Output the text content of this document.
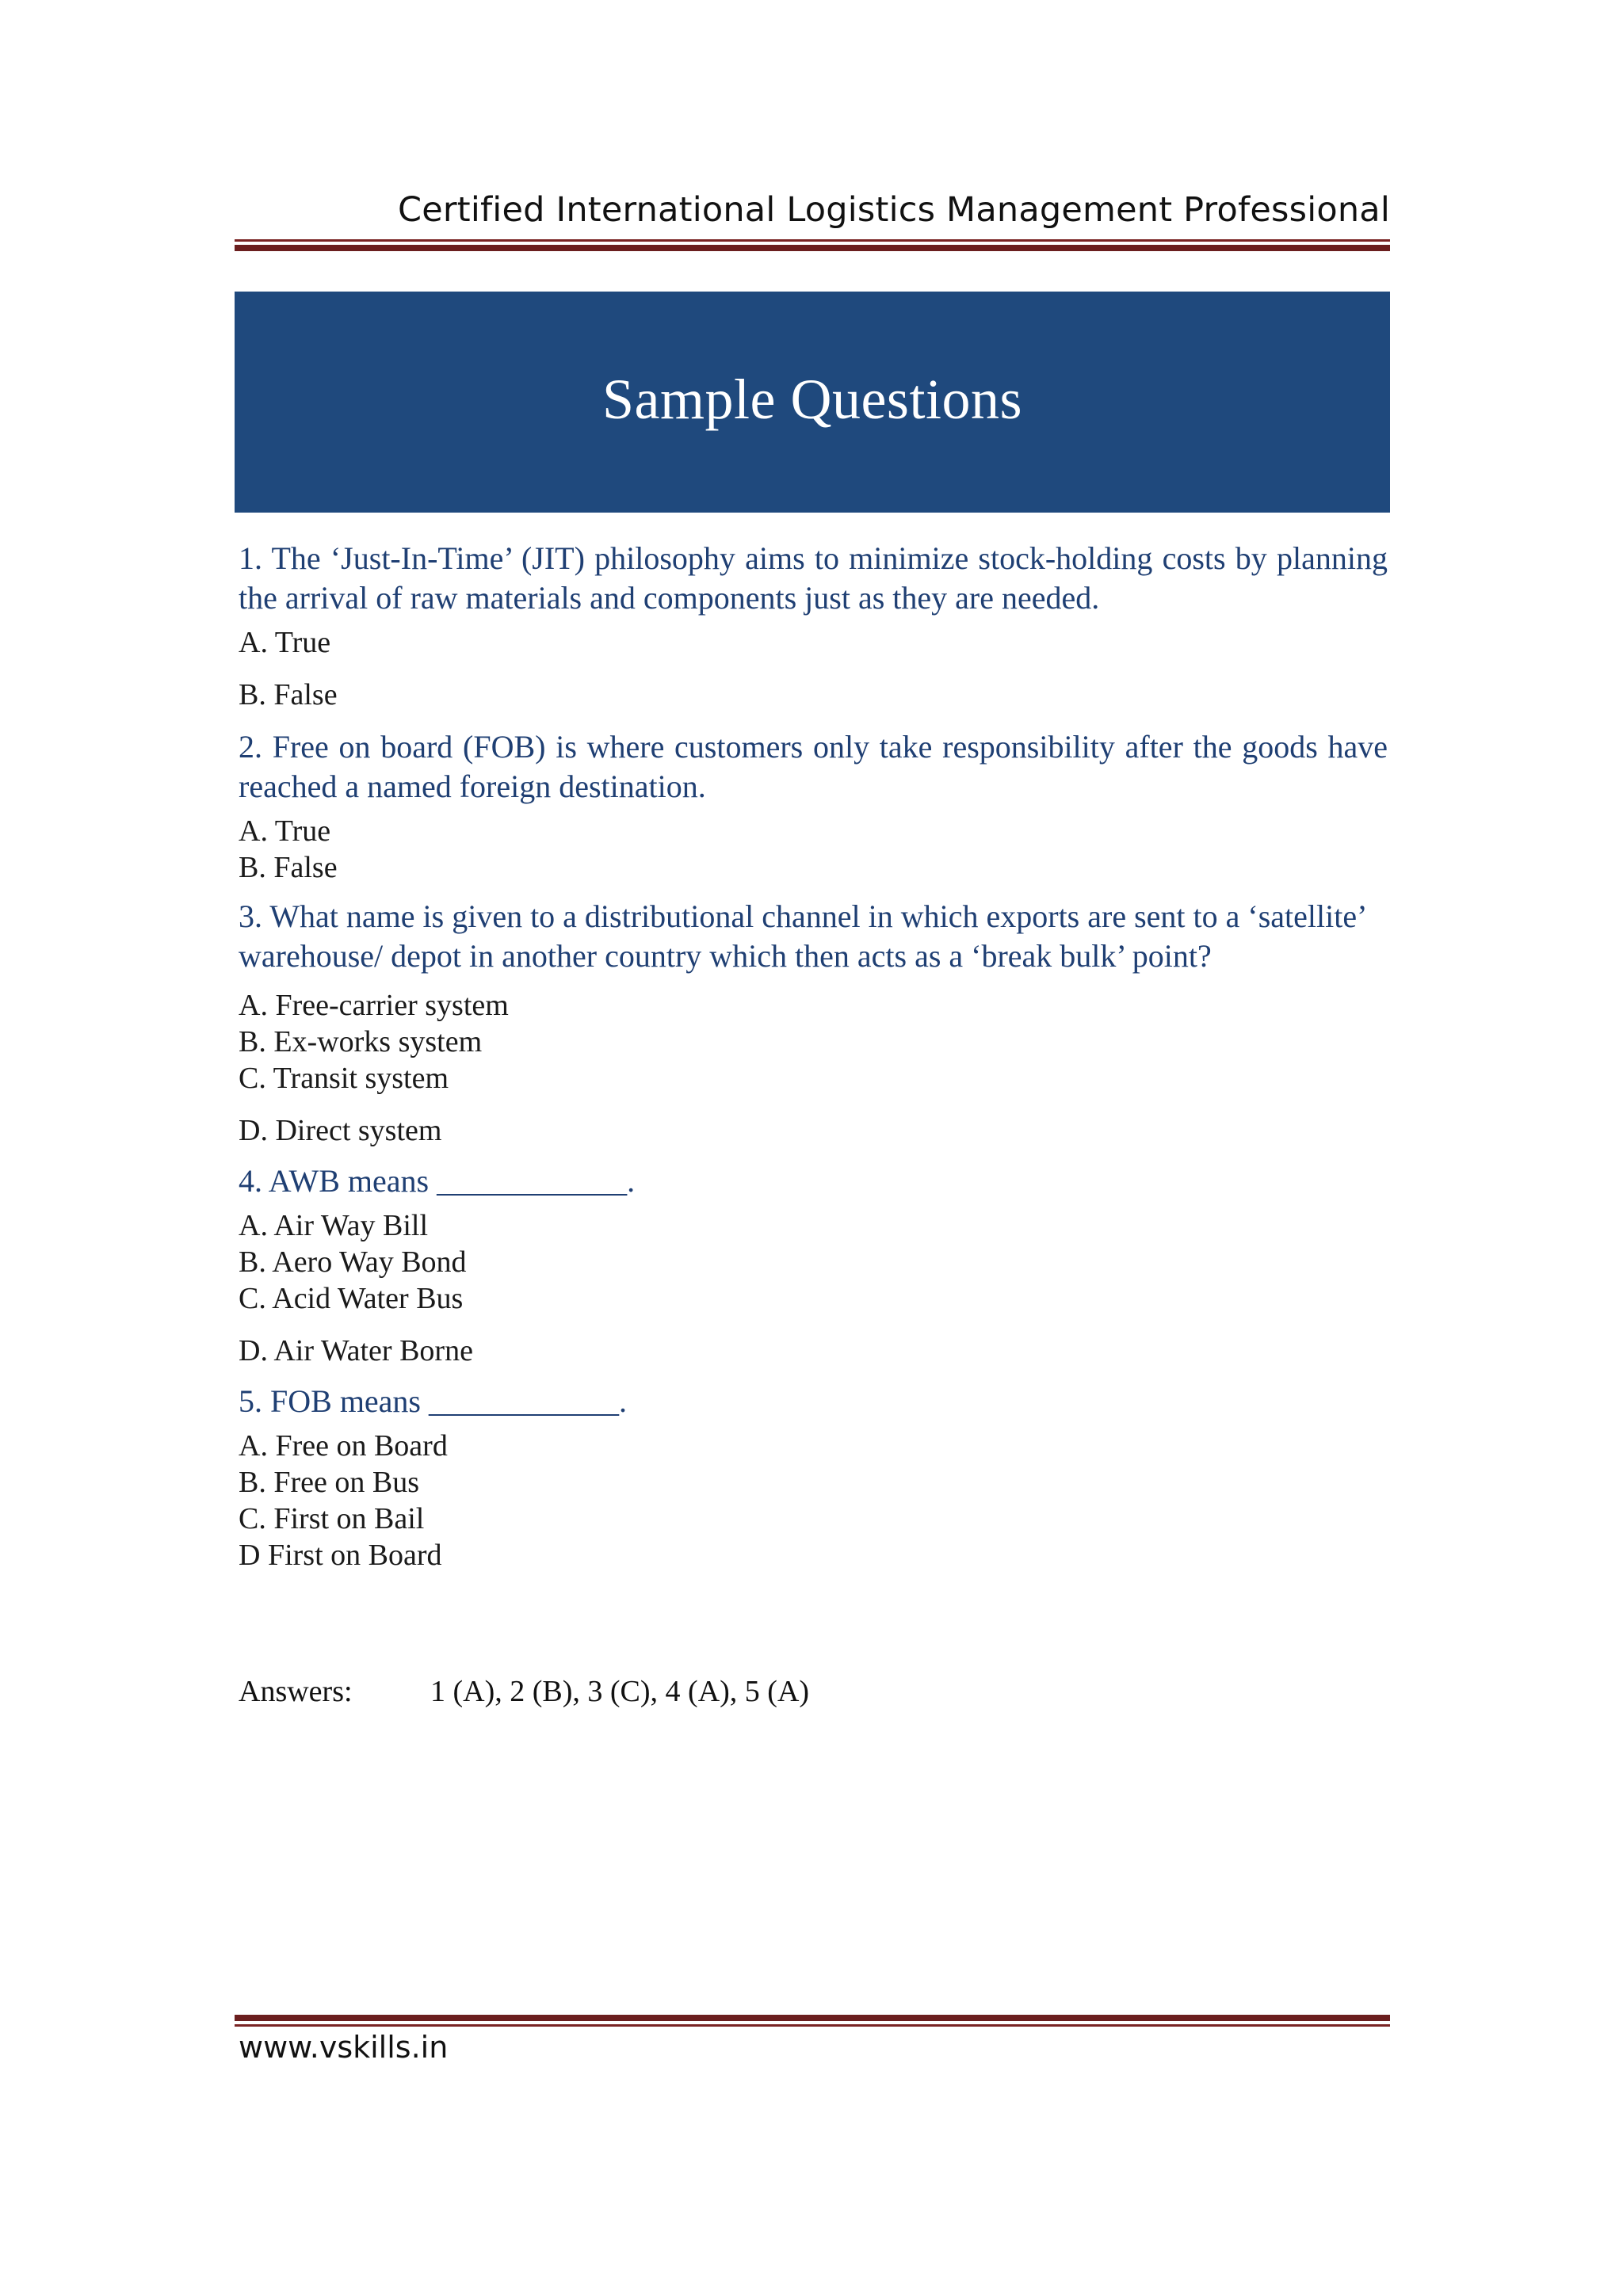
Certified International Logistics Management Professional
Sample Questions

1. The ‘Just-In-Time’ (JIT) philosophy aims to minimize stock-holding costs by planning the arrival of raw materials and components just as they are needed.

A. True

B. False

2. Free on board (FOB) is where customers only take responsibility after the goods have reached a named foreign destination.

A. True

B. False

3. What name is given to a distributional channel in which exports are sent to a ‘satellite’ warehouse/ depot in another country which then acts as a ‘break bulk’ point?

A. Free-carrier system

B. Ex-works system

C. Transit system

D. Direct system

4. AWB means ____________.

A. Air Way Bill

B. Aero Way Bond

C. Acid Water Bus

D. Air Water Borne

5. FOB means ____________.

A. Free on Board

B. Free on Bus

C. First on Bail

D First on Board

Answers:	1 (A), 2 (B), 3 (C), 4 (A), 5 (A)
www.vskills.in
